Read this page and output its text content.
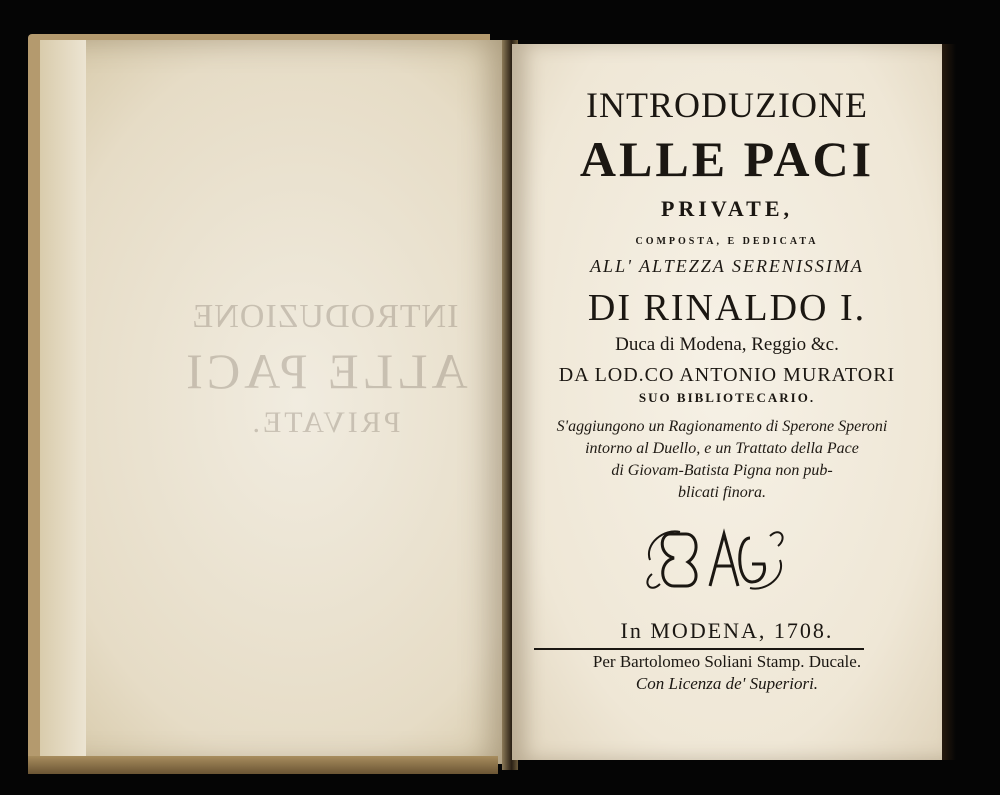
INTRODUZIONE
ALLE PACI
PRIVATE.
INTRODUZIONE
ALLE PACI
PRIVATE,
COMPOSTA, E DEDICATA
ALL' ALTEZZA SERENISSIMA
DI RINALDO I.
Duca di Modena, Reggio &c.
DA LOD.CO ANTONIO MURATORI
SUO BIBLIOTECARIO.
S'aggiungono un Ragionamento di Sperone Speroni
intorno al Duello, e un Trattato della Pace
di Giovam-Batista Pigna non pub-
blicati finora.
In MODENA, 1708.
Per Bartolomeo Soliani Stamp. Ducale.
Con Licenza de' Superiori.
